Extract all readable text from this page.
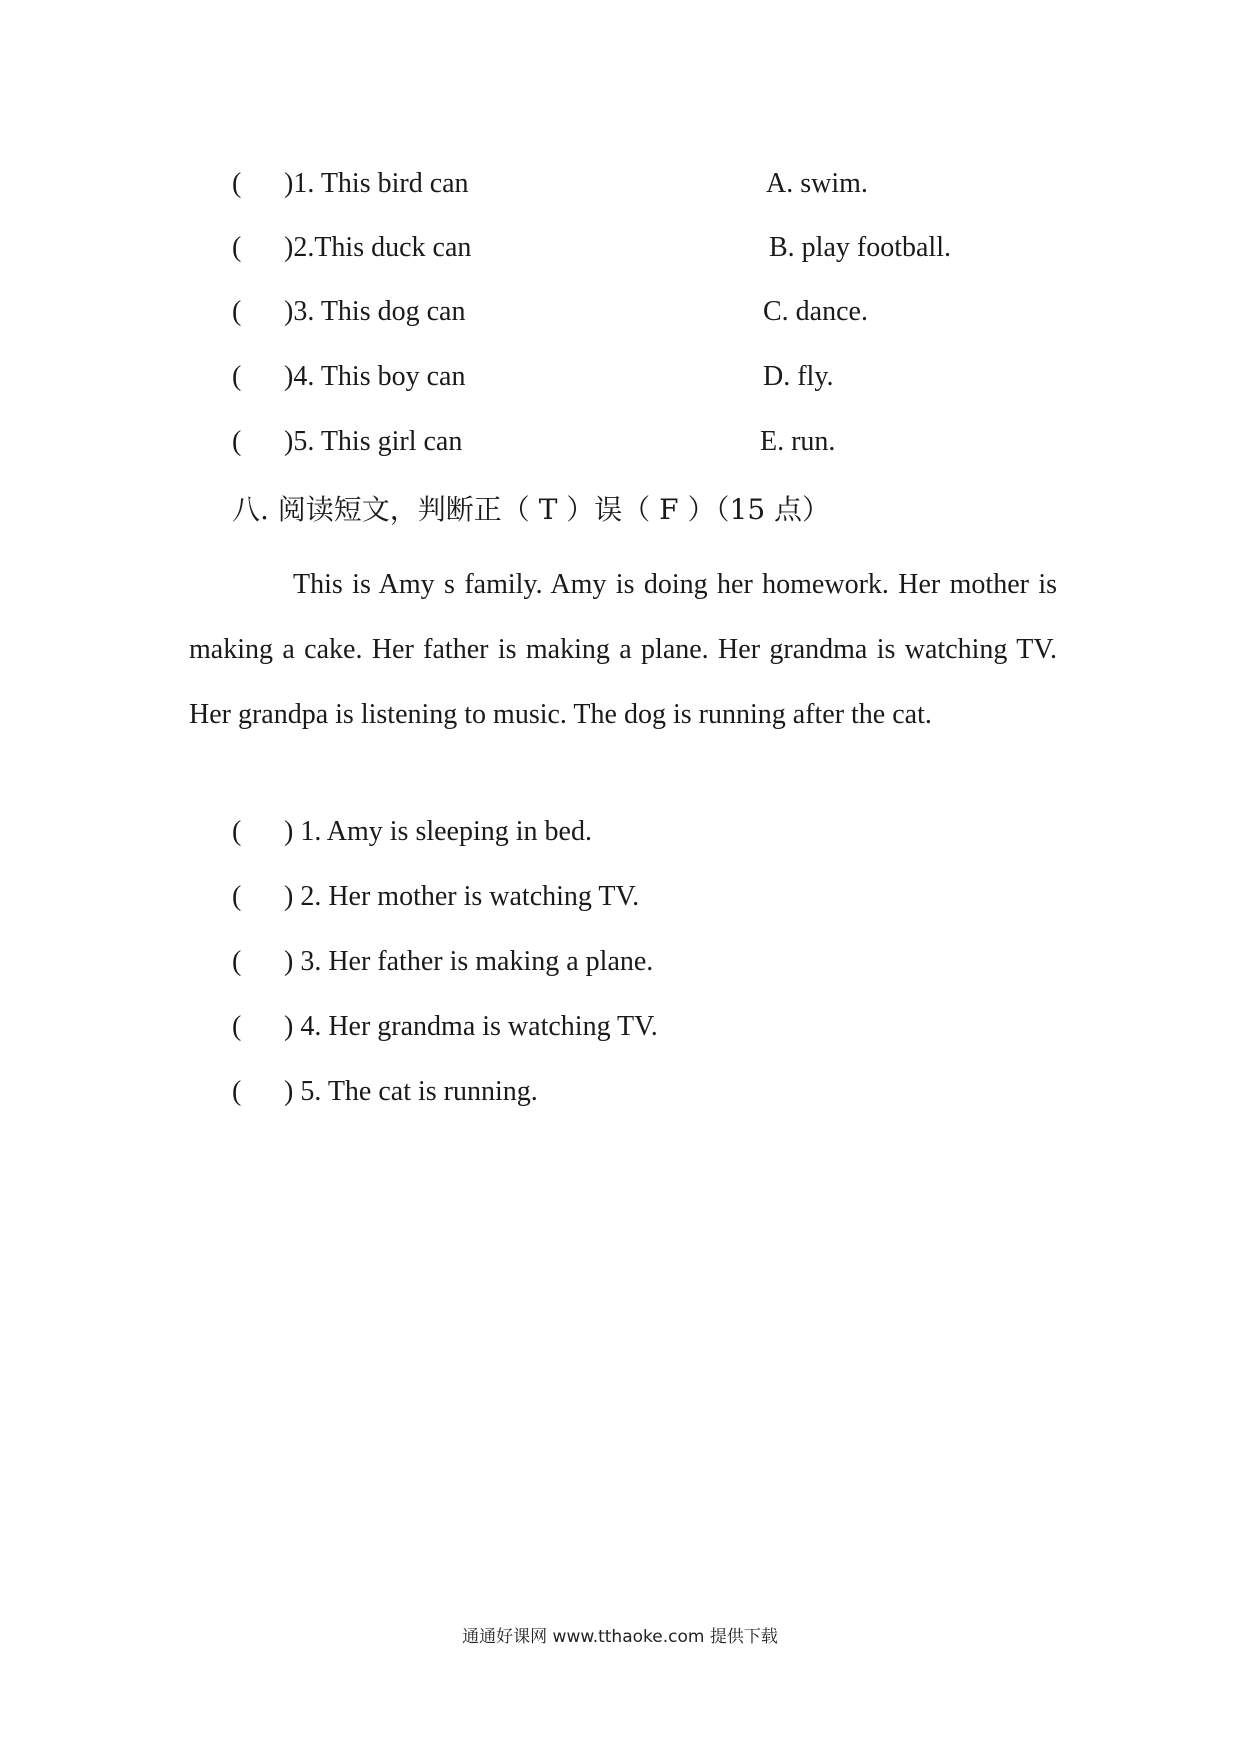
( )1. This bird can	A. swim.
( )2.This duck can	B. play football.
( )3. This dog can	C. dance.
( )4. This boy can	D. fly.
( )5. This girl can	E. run.
八. 阅读短文，判断正（ T ）误（ F ）（15 点）

This is Amy s family. Amy is doing her homework. Her mother is making a cake. Her father is making a plane. Her grandma is watching TV. Her grandpa is listening to music. The dog is running after the cat.

( ) 1. Amy is sleeping in bed.
( ) 2. Her mother is watching TV.
( ) 3. Her father is making a plane.
( ) 4. Her grandma is watching TV.
( ) 5. The cat is running.
通通好课网 www.tthaoke.com 提供下载
